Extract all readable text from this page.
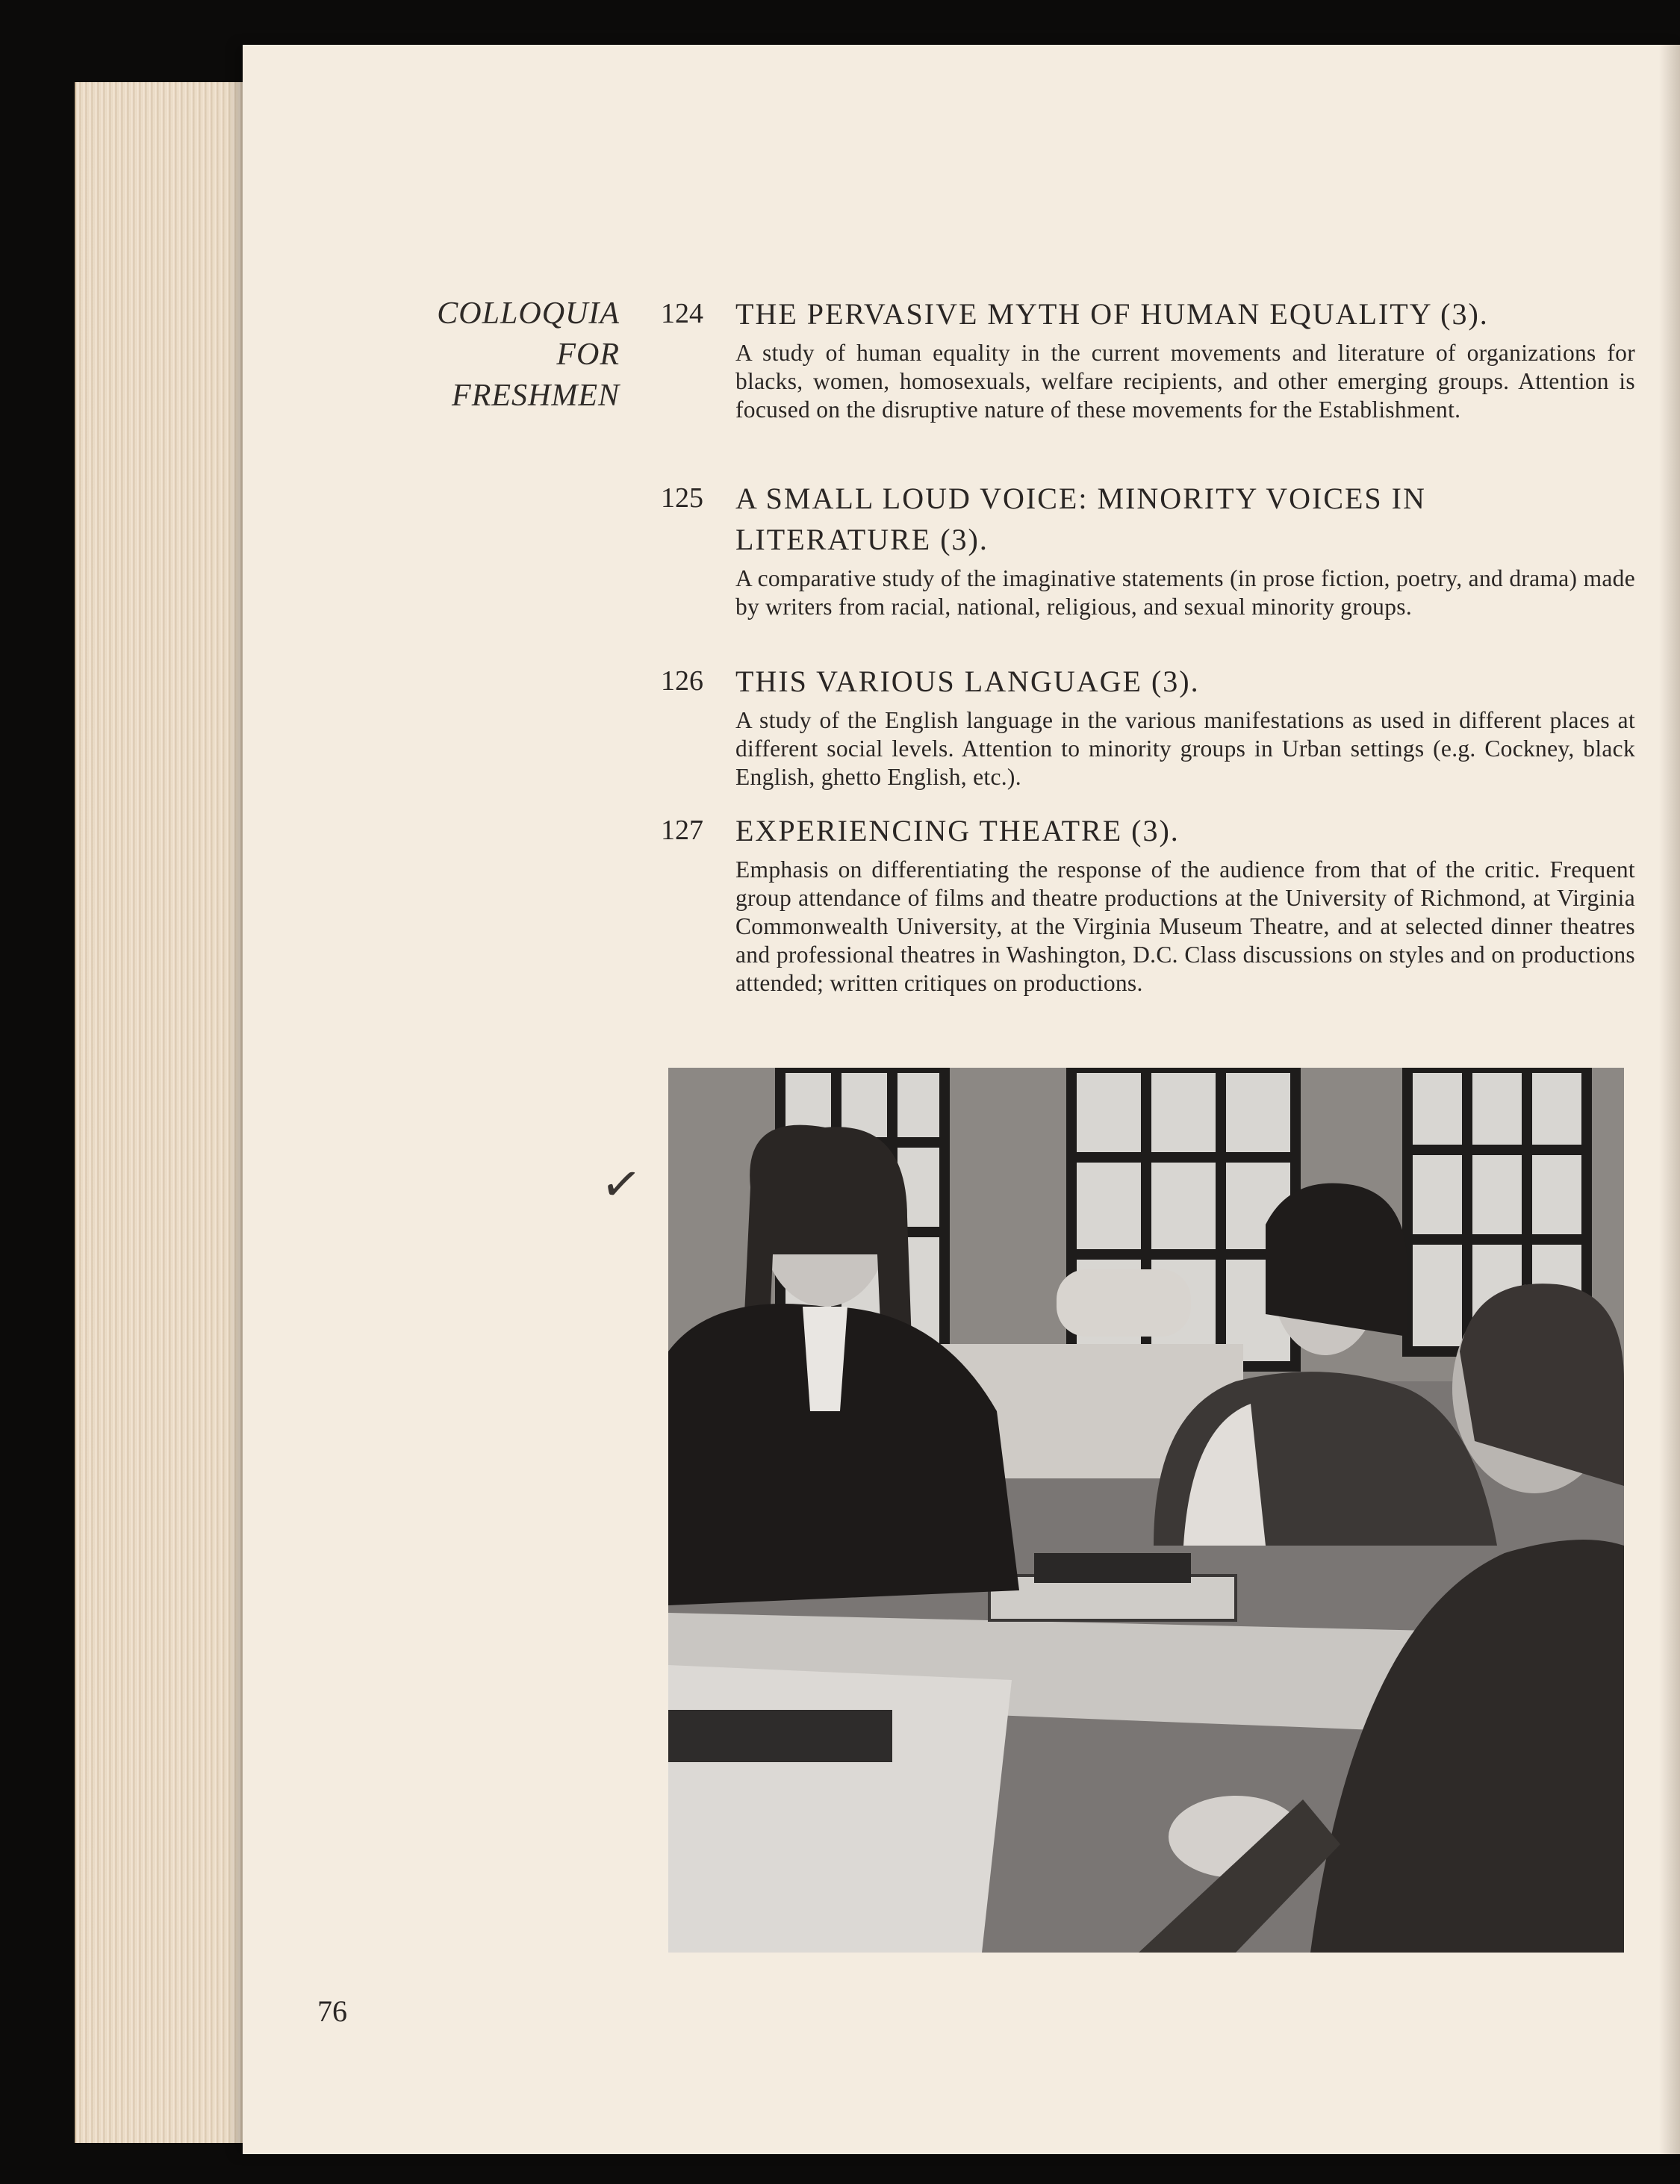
COLLOQUIA
FOR
FRESHMEN
124	THE PERVASIVE MYTH OF HUMAN EQUALITY (3).
A study of human equality in the current movements and literature of organizations for blacks, women, homosexuals, welfare recipients, and other emerging groups. Attention is focused on the disruptive nature of these movements for the Establishment.
125	A SMALL LOUD VOICE: MINORITY VOICES IN LITERATURE (3).
A comparative study of the imaginative statements (in prose fiction, poetry, and drama) made by writers from racial, national, religious, and sexual minority groups.
126	THIS VARIOUS LANGUAGE (3).
A study of the English language in the various manifestations as used in different places at different social levels. Attention to minority groups in Urban settings (e.g. Cockney, black English, ghetto English, etc.).
127	EXPERIENCING THEATRE (3).
Emphasis on differentiating the response of the audience from that of the critic. Frequent group attendance of films and theatre productions at the University of Richmond, at Virginia Commonwealth University, at the Virginia Museum Theatre, and at selected dinner theatres and professional theatres in Washington, D.C. Class discussions on styles and on productions attended; written critiques on productions.
✓
76
